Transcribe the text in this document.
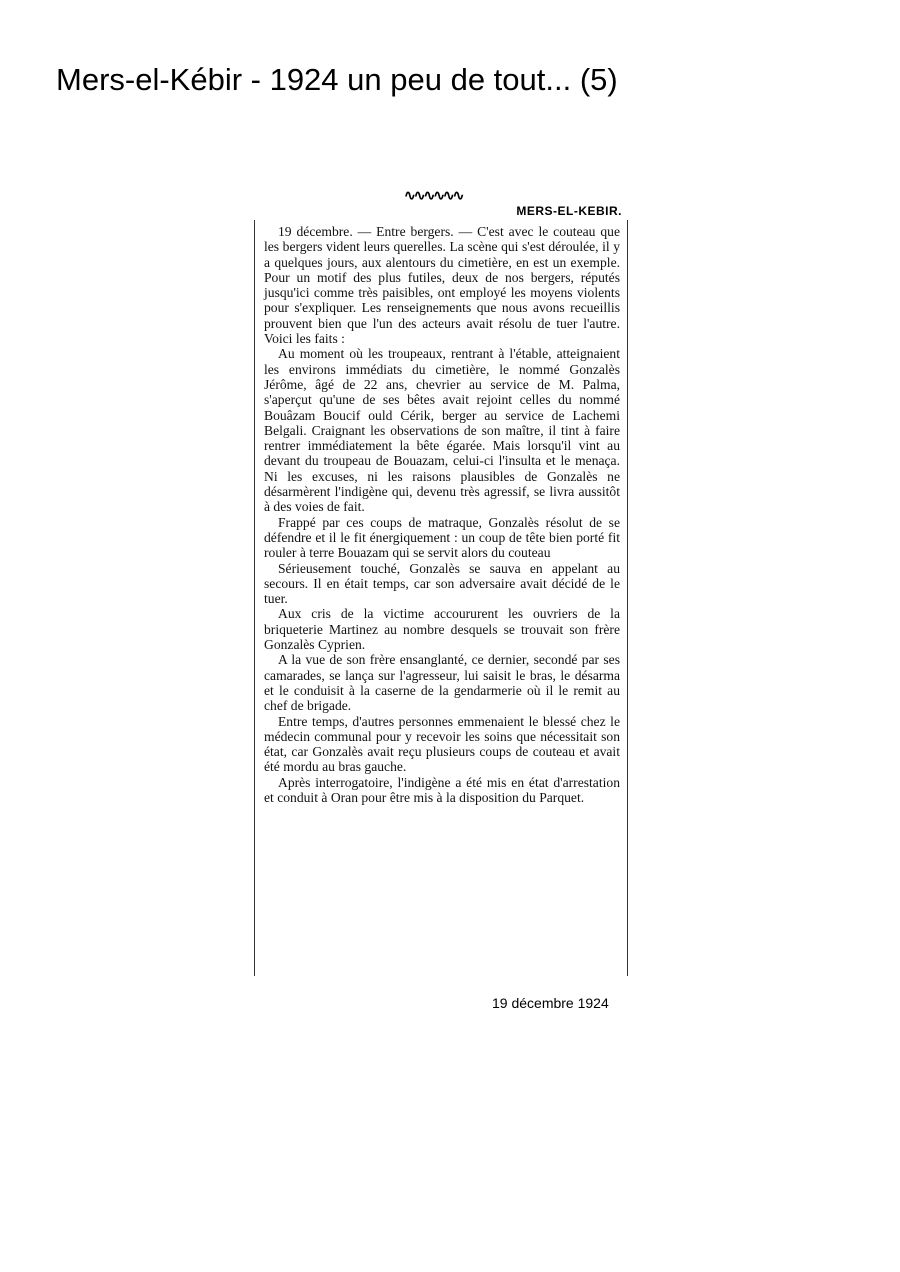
Mers-el-Kébir - 1924 un peu de tout... (5)
∿∿∿∿∿∿
MERS-EL-KEBIR.

19 décembre. — Entre bergers. — C'est avec le couteau que les bergers vident leurs querelles. La scène qui s'est déroulée, il y a quelques jours, aux alentours du cimetière, en est un exemple. Pour un motif des plus futiles, deux de nos bergers, réputés jusqu'ici comme très paisibles, ont employé les moyens violents pour s'expliquer. Les renseignements que nous avons recueillis prouvent bien que l'un des acteurs avait résolu de tuer l'autre. Voici les faits :

Au moment où les troupeaux, rentrant à l'étable, atteignaient les environs immédiats du cimetière, le nommé Gonzalès Jérôme, âgé de 22 ans, chevrier au service de M. Palma, s'aperçut qu'une de ses bêtes avait rejoint celles du nommé Bouâzam Boucif ould Cérik, berger au service de Lachemi Belgali. Craignant les observations de son maître, il tint à faire rentrer immédiatement la bête égarée. Mais lorsqu'il vint au devant du troupeau de Bouazam, celui-ci l'insulta et le menaça. Ni les excuses, ni les raisons plausibles de Gonzalès ne désarmèrent l'indigène qui, devenu très agressif, se livra aussitôt à des voies de fait.

Frappé par ces coups de matraque, Gonzalès résolut de se défendre et il le fit énergiquement : un coup de tête bien porté fit rouler à terre Bouazam qui se servit alors du couteau

Sérieusement touché, Gonzalès se sauva en appelant au secours. Il en était temps, car son adversaire avait décidé de le tuer.

Aux cris de la victime accoururent les ouvriers de la briqueterie Martinez au nombre desquels se trouvait son frère Gonzalès Cyprien.

A la vue de son frère ensanglanté, ce dernier, secondé par ses camarades, se lança sur l'agresseur, lui saisit le bras, le désarma et le conduisit à la caserne de la gendarmerie où il le remit au chef de brigade.

Entre temps, d'autres personnes emmenaient le blessé chez le médecin communal pour y recevoir les soins que nécessitait son état, car Gonzalès avait reçu plusieurs coups de couteau et avait été mordu au bras gauche.

Après interrogatoire, l'indigène a été mis en état d'arrestation et conduit à Oran pour être mis à la disposition du Parquet.

19 décembre 1924
